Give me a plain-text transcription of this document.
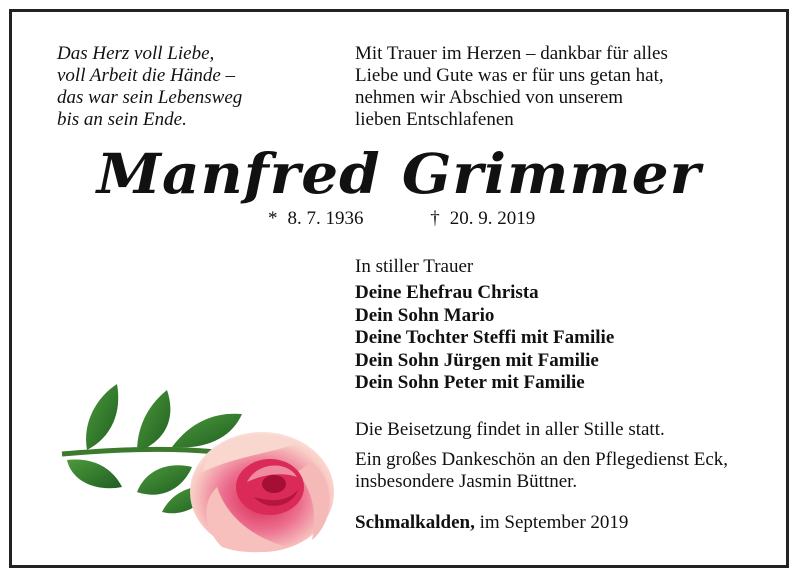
Das Herz voll Liebe,
voll Arbeit die Hände –
das war sein Lebensweg
bis an sein Ende.
Mit Trauer im Herzen – dankbar für alles
Liebe und Gute was er für uns getan hat,
nehmen wir Abschied von unserem
lieben Entschlafenen
Manfred Grimmer
* 8. 7. 1936	† 20. 9. 2019
In stiller Trauer
Deine Ehefrau Christa
Dein Sohn Mario
Deine Tochter Steffi mit Familie
Dein Sohn Jürgen mit Familie
Dein Sohn Peter mit Familie
Die Beisetzung findet in aller Stille statt.
Ein großes Dankeschön an den Pflegedienst Eck,
insbesondere Jasmin Büttner.
Schmalkalden, im September 2019
